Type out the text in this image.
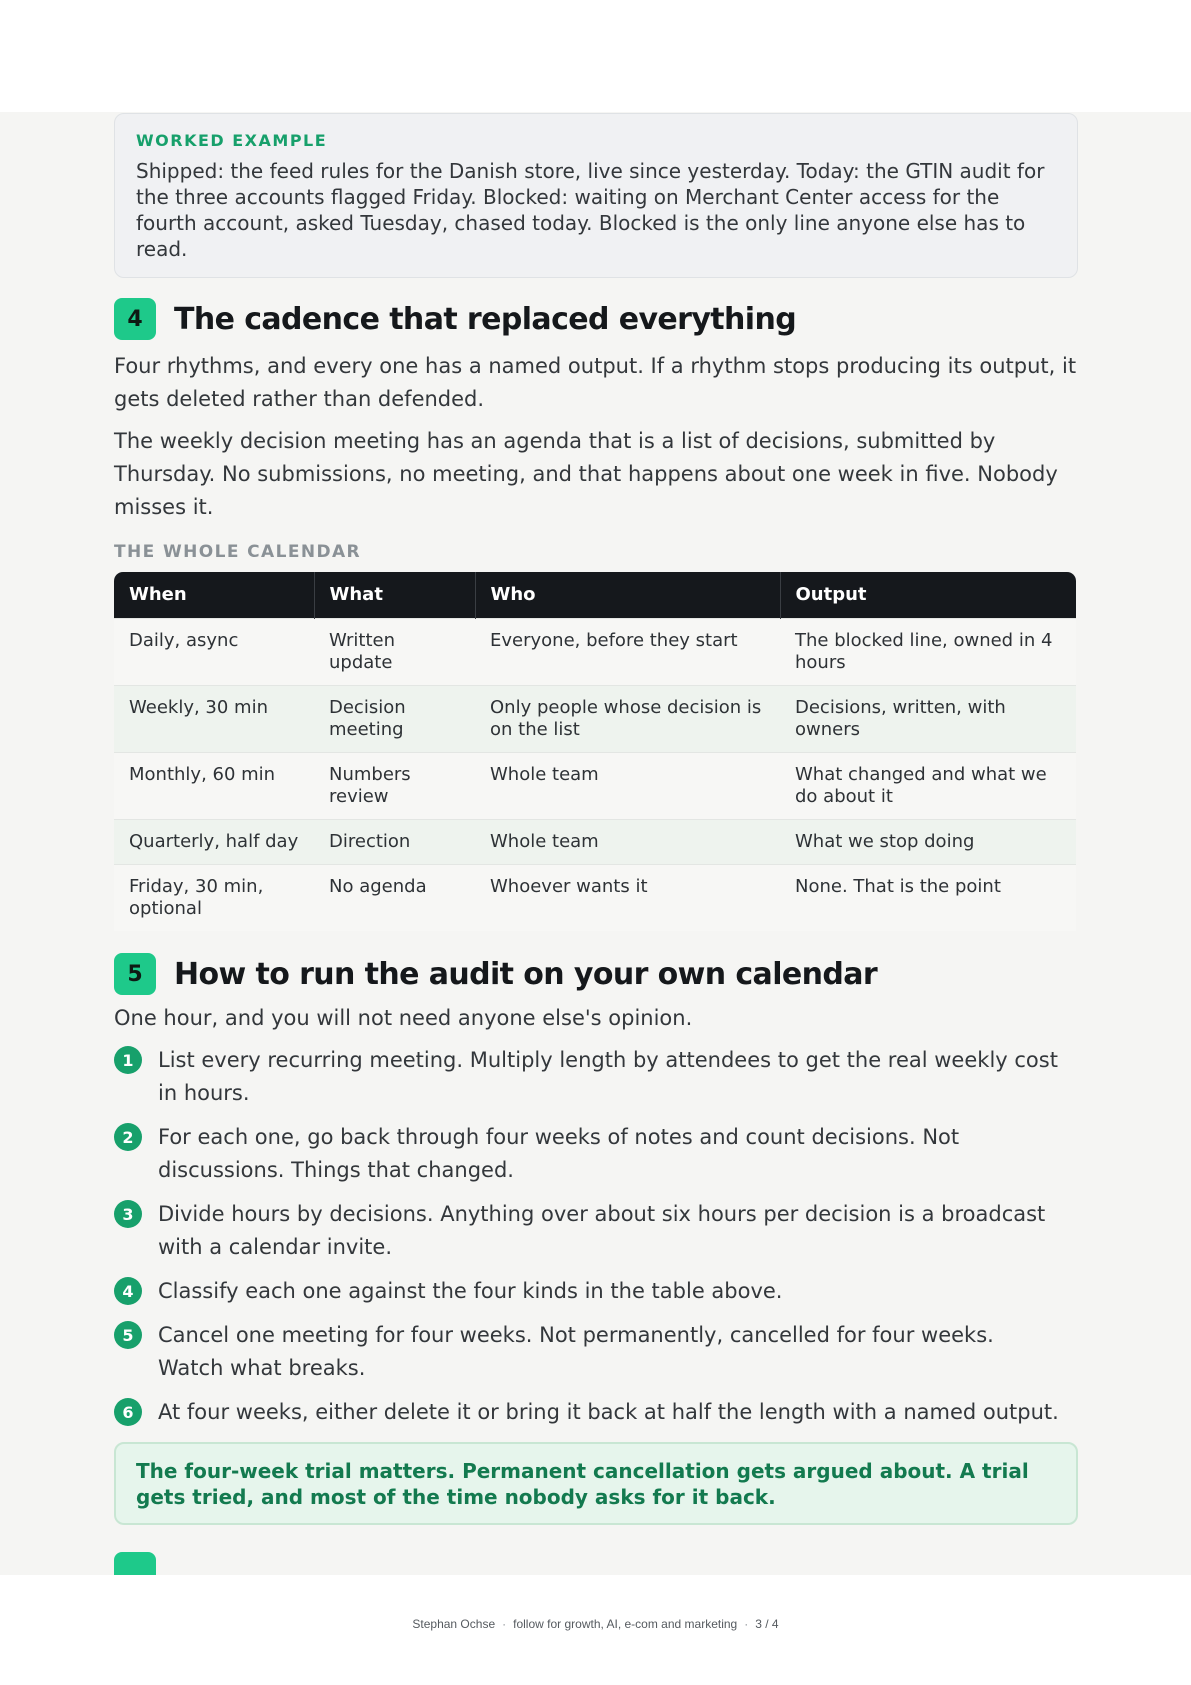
WORKED EXAMPLE
Shipped: the feed rules for the Danish store, live since yesterday. Today: the GTIN audit for the three accounts flagged Friday. Blocked: waiting on Merchant Center access for the fourth account, asked Tuesday, chased today. Blocked is the only line anyone else has to read.
4	The cadence that replaced everything

Four rhythms, and every one has a named output. If a rhythm stops producing its output, it gets deleted rather than defended.

The weekly decision meeting has an agenda that is a list of decisions, submitted by Thursday. No submissions, no meeting, and that happens about one week in five. Nobody misses it.

THE WHOLE CALENDAR
When	What	Who	Output
Daily, async	Written update	Everyone, before they start	The blocked line, owned in 4 hours
Weekly, 30 min	Decision meeting	Only people whose decision is on the list	Decisions, written, with owners
Monthly, 60 min	Numbers review	Whole team	What changed and what we do about it
Quarterly, half day	Direction	Whole team	What we stop doing
Friday, 30 min, optional	No agenda	Whoever wants it	None. That is the point
5	How to run the audit on your own calendar

One hour, and you will not need anyone else's opinion.

1	List every recurring meeting. Multiply length by attendees to get the real weekly cost in hours.
2	For each one, go back through four weeks of notes and count decisions. Not discussions. Things that changed.
3	Divide hours by decisions. Anything over about six hours per decision is a broadcast with a calendar invite.
4	Classify each one against the four kinds in the table above.
5	Cancel one meeting for four weeks. Not permanently, cancelled for four weeks. Watch what breaks.
6	At four weeks, either delete it or bring it back at half the length with a named output.
The four-week trial matters. Permanent cancellation gets argued about. A trial gets tried, and most of the time nobody asks for it back.
Stephan Ochse · follow for growth, AI, e-com and marketing · 3 / 4
